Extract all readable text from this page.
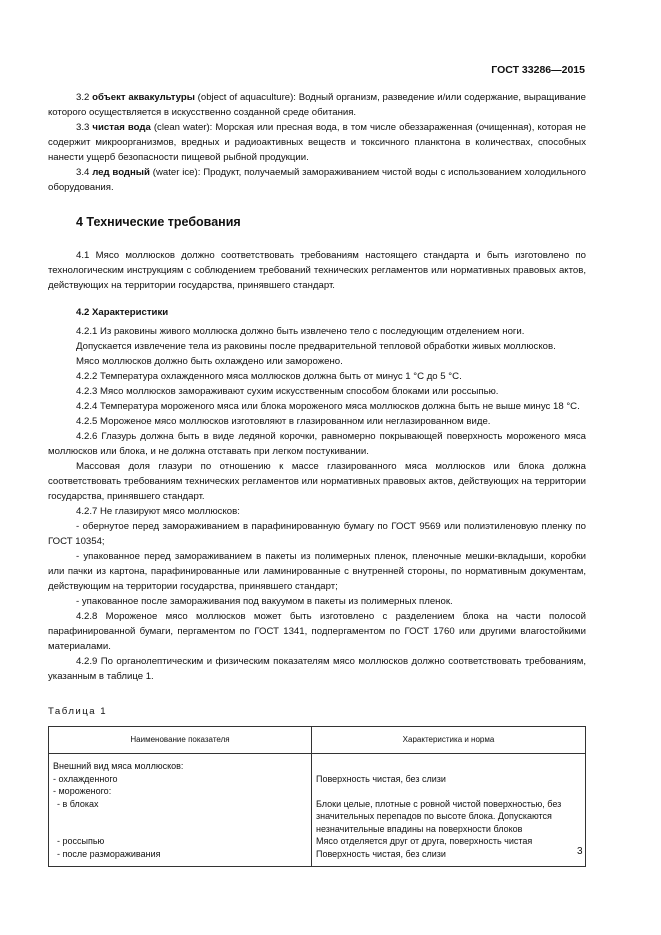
ГОСТ 33286—2015

3.2 объект аквакультуры (object of aquaculture): Водный организм, разведение и/или содержание, выращивание которого осуществляется в искусственно созданной среде обитания.

3.3 чистая вода (clean water): Морская или пресная вода, в том числе обеззараженная (очищенная), которая не содержит микроорганизмов, вредных и радиоактивных веществ и токсичного планктона в количествах, способных нанести ущерб безопасности пищевой рыбной продукции.

3.4 лед водный (water ice): Продукт, получаемый замораживанием чистой воды с использованием холодильного оборудования.

4 Технические требования

4.1 Мясо моллюсков должно соответствовать требованиям настоящего стандарта и быть изготовлено по технологическим инструкциям с соблюдением требований технических регламентов или нормативных правовых актов, действующих на территории государства, принявшего стандарт.

4.2 Характеристики

4.2.1 Из раковины живого моллюска должно быть извлечено тело с последующим отделением ноги.

Допускается извлечение тела из раковины после предварительной тепловой обработки живых моллюсков.

Мясо моллюсков должно быть охлаждено или заморожено.

4.2.2 Температура охлажденного мяса моллюсков должна быть от минус 1 °С до 5 °С.

4.2.3 Мясо моллюсков замораживают сухим искусственным способом блоками или россыпью.

4.2.4 Температура мороженого мяса или блока мороженого мяса моллюсков должна быть не выше минус 18 °С.

4.2.5 Мороженое мясо моллюсков изготовляют в глазированном или неглазированном виде.

4.2.6 Глазурь должна быть в виде ледяной корочки, равномерно покрывающей поверхность мороженого мяса моллюсков или блока, и не должна отставать при легком постукивании.

Массовая доля глазури по отношению к массе глазированного мяса моллюсков или блока должна соответствовать требованиям технических регламентов или нормативных правовых актов, действующих на территории государства, принявшего стандарт.

4.2.7 Не глазируют мясо моллюсков:

- обернутое перед замораживанием в парафинированную бумагу по ГОСТ 9569 или полиэтиленовую пленку по ГОСТ 10354;

- упакованное перед замораживанием в пакеты из полимерных пленок, пленочные мешки-вкладыши, коробки или пачки из картона, парафинированные или ламинированные с внутренней стороны, по нормативным документам, действующим на территории государства, принявшего стандарт;

- упакованное после замораживания под вакуумом в пакеты из полимерных пленок.

4.2.8 Мороженое мясо моллюсков может быть изготовлено с разделением блока на части полосой парафинированной бумаги, пергаментом по ГОСТ 1341, подпергаментом по ГОСТ 1760 или другими влагостойкими материалами.

4.2.9 По органолептическим и физическим показателям мясо моллюсков должно соответствовать требованиям, указанным в таблице 1.

Таблица 1
Наименование показателя	Характеристика и норма
Внешний вид мяса моллюсков:	
- охлажденного	Поверхность чистая, без слизи
- мороженого:	
- в блоках	Блоки целые, плотные с ровной чистой поверхностью, без значительных перепадов по высоте блока. Допускаются незначительные впадины на поверхности блоков
- россыпью	Мясо отделяется друг от друга, поверхность чистая
- после размораживания	Поверхность чистая, без слизи	3
